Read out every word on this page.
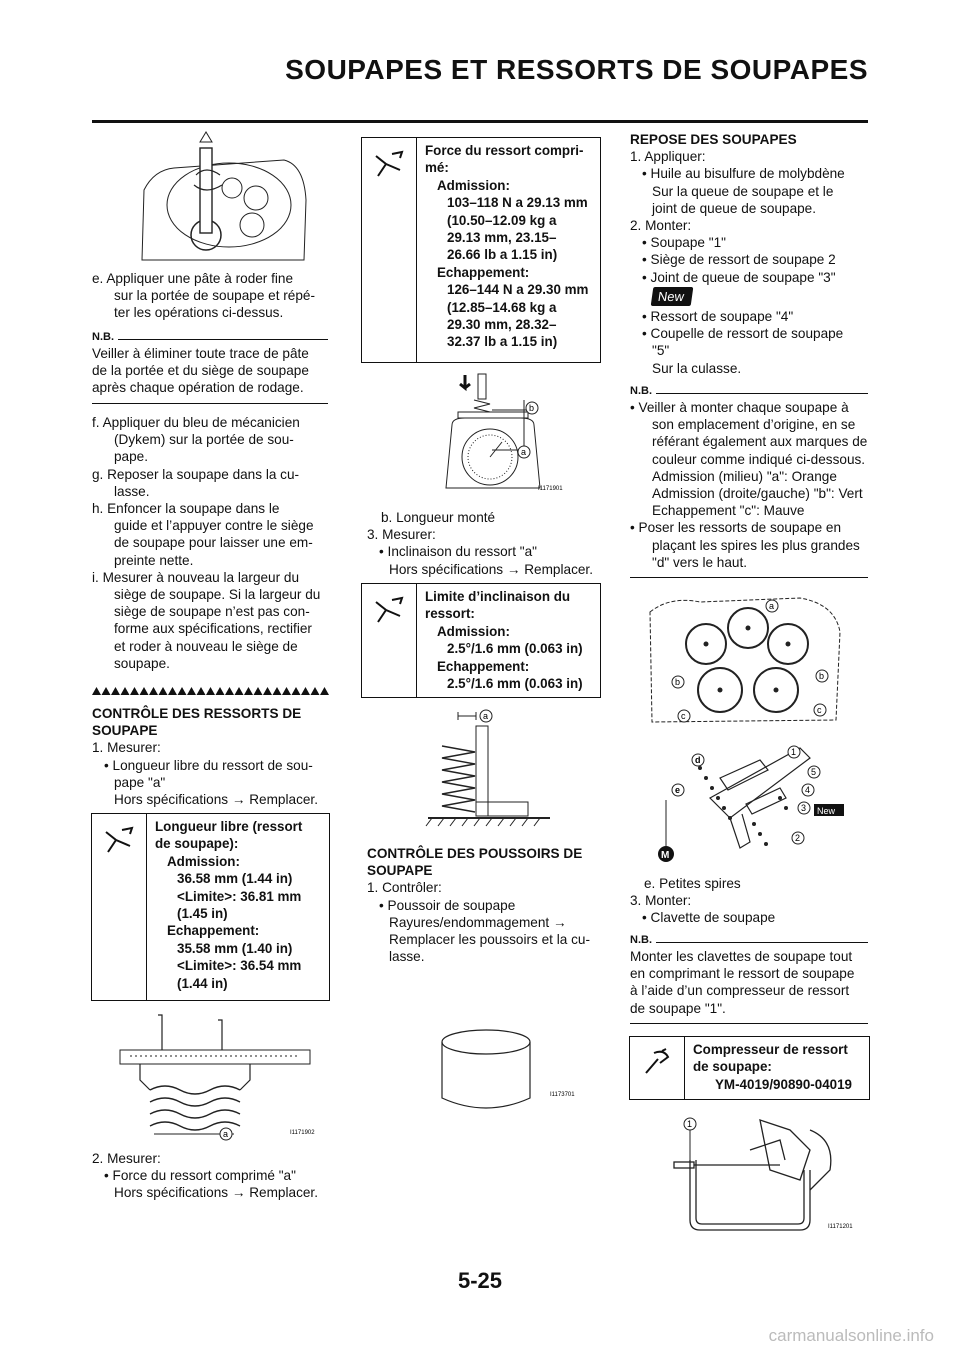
SOUPAPES ET RESSORTS DE SOUPAPES
e. Appliquer une pâte à roder fine
sur la portée de soupape et répé-
ter les opérations ci-dessus.
N.B.
Veiller à éliminer toute trace de pâte
de la portée et du siège de soupape
après chaque opération de rodage.
f. Appliquer du bleu de mécanicien
(Dykem) sur la portée de sou-
pape.
g. Reposer la soupape dans la cu-
lasse.
h. Enfoncer la soupape dans le
guide et l’appuyer contre le siège
de soupape pour laisser une em-
preinte nette.
i. Mesurer à nouveau la largeur du
siège de soupape. Si la largeur du
siège de soupape n’est pas con-
forme aux spécifications, rectifier
et roder à nouveau le siège de
soupape.
CONTRÔLE DES RESSORTS DE
SOUPAPE
1. Mesurer:
• Longueur libre du ressort de sou-
pape "a"
Hors spécifications → Remplacer.
Longueur libre (ressort
de soupape):
Admission:
36.58 mm (1.44 in)
<Limite>: 36.81 mm
(1.45 in)
Echappement:
35.58 mm (1.40 in)
<Limite>: 36.54 mm
(1.44 in)
a	I1171902
2. Mesurer:
• Force du ressort comprimé "a"
Hors spécifications → Remplacer.
Force du ressort compri-
mé:
Admission:
103–118 N a 29.13 mm
(10.50–12.09 kg a
29.13 mm, 23.15–
26.66 lb a 1.15 in)
Echappement:
126–144 N a 29.30 mm
(12.85–14.68 kg a
29.30 mm, 28.32–
32.37 lb a 1.15 in)
b
a
I1171901
b. Longueur monté
3. Mesurer:
• Inclinaison du ressort "a"
Hors spécifications → Remplacer.
Limite d’inclinaison du
ressort:
Admission:
2.5°/1.6 mm (0.063 in)
Echappement:
2.5°/1.6 mm (0.063 in)
a
CONTRÔLE DES POUSSOIRS DE
SOUPAPE
1. Contrôler:
• Poussoir de soupape
Rayures/endommagement →
Remplacer les poussoirs et la cu-
lasse.
I1173701
REPOSE DES SOUPAPES
1. Appliquer:
• Huile au bisulfure de molybdène
Sur la queue de soupape et le
joint de queue de soupape.
2. Monter:
• Soupape "1"
• Siège de ressort de soupape 2
• Joint de queue de soupape "3"
New
• Ressort de soupape "4"
• Coupelle de ressort de soupape
"5"
Sur la culasse.
N.B.
• Veiller à monter chaque soupape à
son emplacement d’origine, en se
référant également aux marques de
couleur comme indiqué ci-dessous.
Admission (milieu) "a": Orange
Admission (droite/gauche) "b": Vert
Echappement "c": Mauve
• Poser les ressorts de soupape en
plaçant les spires les plus grandes
"d" vers le haut.
a
b
b
c
c
d
e
1
5
4
3 New
2
M
e. Petites spires
3. Monter:
• Clavette de soupape
N.B.
Monter les clavettes de soupape tout
en comprimant le ressort de soupape
à l’aide d’un compresseur de ressort
de soupape "1".
Compresseur de ressort
de soupape:
YM-4019/90890-04019
1
I1171201
5-25
carmanualsonline.info
